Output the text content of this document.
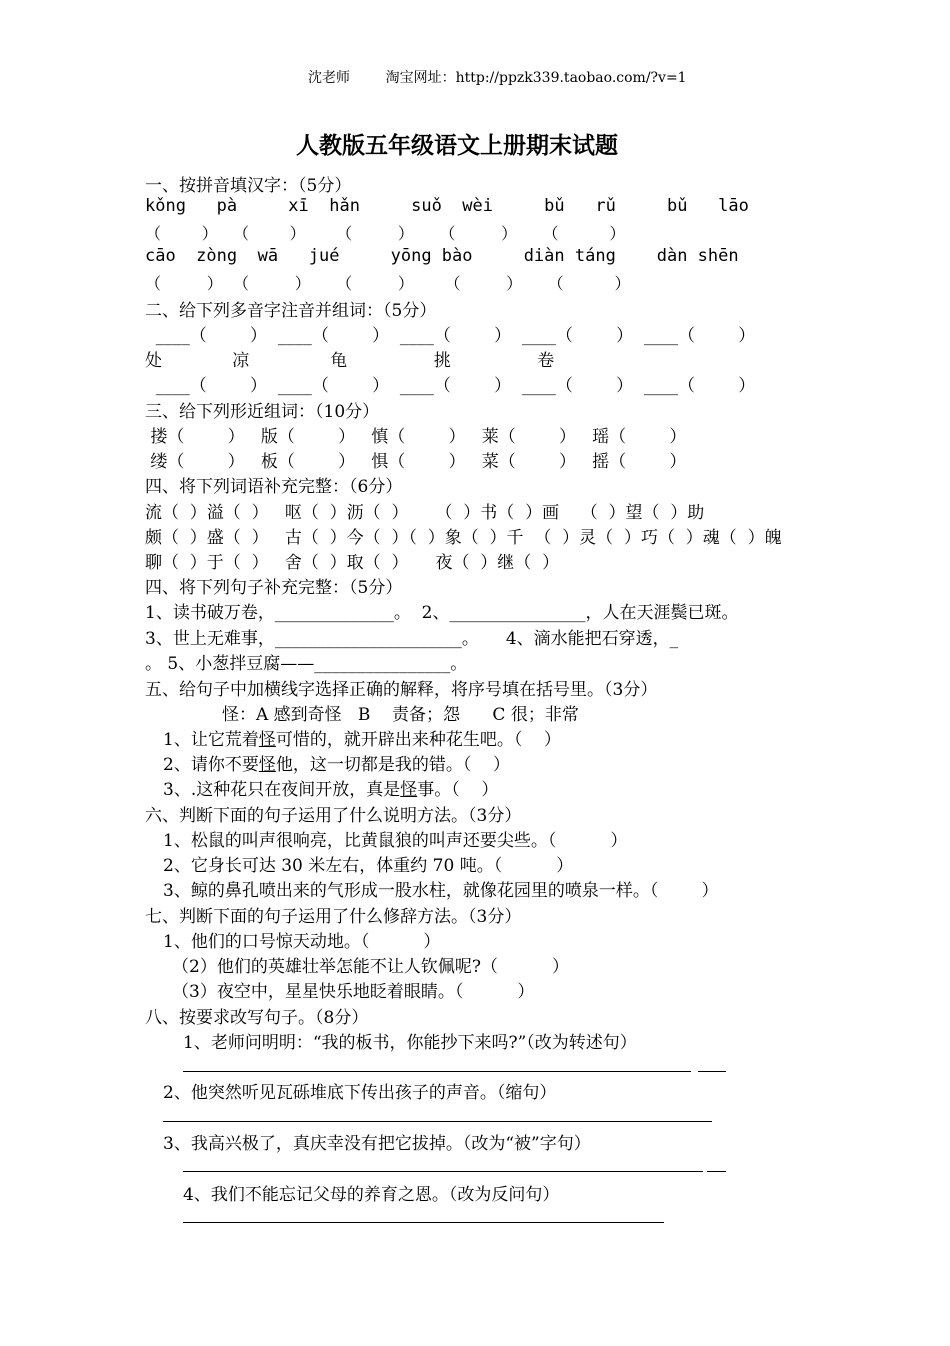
沈老师        淘宝网址：http://ppzk339.taobao.com/?v=1
人教版五年级语文上册期末试题
一、按拼音填汉字：（5分）
kǒng   pà     xī  hǎn     suǒ  wèi     bǔ   rǔ     bǔ   lāo
（        ）   （        ）      （         ）     （         ）     （          ）
cāo  zòng  wā   jué     yōng bào     diàn táng    dàn shēn
（         ）  （         ）     （         ）      （         ）     （          ）
二、给下列多音字注音并组词：（5分）
____（        ）  ____（        ）  ____（        ）  ____（        ）  ____（        ）
处             凉               龟                挑                卷
____（        ）  ____（        ）  ____（        ）  ____（        ）  ____（        ）
三、给下列形近组词：（10分）
搂（        ）   版（        ）   慎（        ）   莱（        ）   瑶（        ）
缕（        ）   板（        ）   惧（        ）   菜（        ）   摇（        ）
四、将下列词语补充完整：（6分）
流（  ）溢（  ）   呕（  ）沥（  ）     （  ）书（  ）画    （  ）望（  ）助
颇（  ）盛（  ）   古（  ）今（  ）（  ）象（  ）千  （  ）灵（  ）巧（  ）魂（  ）魄
聊（  ）于（  ）   舍（  ）取（  ）     夜（  ）继（  ）
四、将下列句子补充完整：（5分）
1、读书破万卷，______________。  2、________________，人在天涯鬓已斑。
3、世上无难事，______________________。     4、滴水能把石穿透，_
。 5、小葱拌豆腐——________________。
五、给句子中加横线字选择正确的解释，将序号填在括号里。（3分）
怪：A 感到奇怪   B    责备；怨      C 很；非常
1、让它荒着怪可惜的，就开辟出来种花生吧。（    ）
2、请你不要怪他，这一切都是我的错。（    ）
3、.这种花只在夜间开放，真是怪事。（    ）
六、判断下面的句子运用了什么说明方法。（3分）
1、松鼠的叫声很响亮，比黄鼠狼的叫声还要尖些。（          ）
2、它身长可达 30 米左右，体重约 70 吨。（          ）
3、鲸的鼻孔喷出来的气形成一股水柱，就像花园里的喷泉一样。（        ）
七、判断下面的句子运用了什么修辞方法。（3分）
1、他们的口号惊天动地。（          ）
（2）他们的英雄壮举怎能不让人钦佩呢?（          ）
（3）夜空中，星星快乐地眨着眼睛。（          ）
八、按要求改写句子。（8分）
1、老师问明明：“我的板书，你能抄下来吗?”（改为转述句）
2、他突然听见瓦砾堆底下传出孩子的声音。（缩句）
3、我高兴极了，真庆幸没有把它拔掉。（改为“被”字句）
4、我们不能忘记父母的养育之恩。（改为反问句）
